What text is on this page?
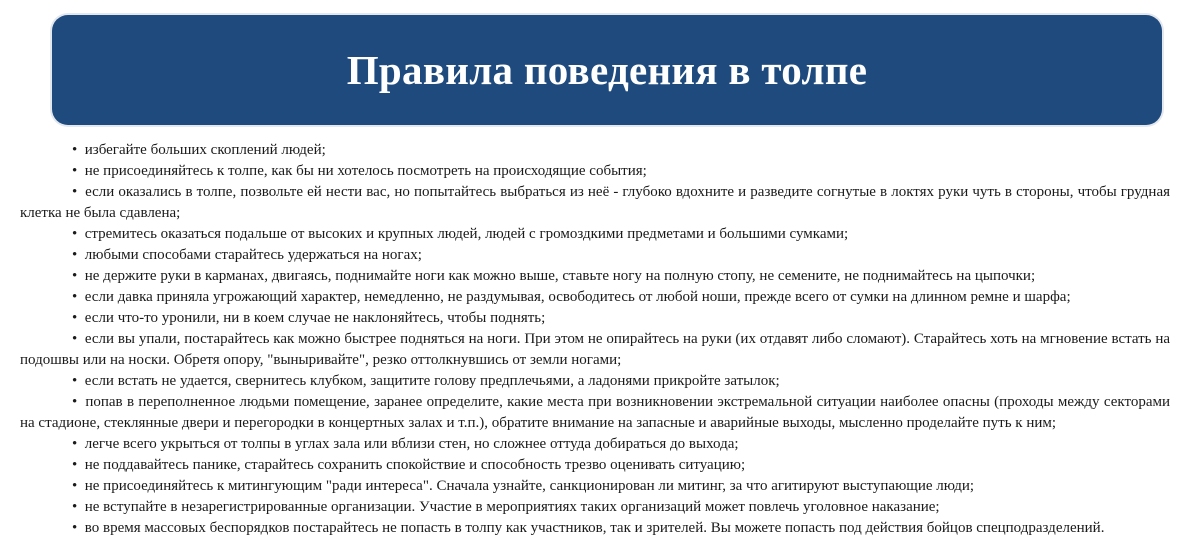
Правила поведения в толпе
• избегайте больших скоплений людей;
• не присоединяйтесь к толпе, как бы ни хотелось посмотреть на происходящие события;
• если оказались в толпе, позвольте ей нести вас, но попытайтесь выбраться из неё - глубоко вдохните и разведите согнутые в локтях руки чуть в стороны, чтобы грудная клетка не была сдавлена;
• стремитесь оказаться подальше от высоких и крупных людей, людей с громоздкими предметами и большими сумками;
• любыми способами старайтесь удержаться на ногах;
• не держите руки в карманах, двигаясь, поднимайте ноги как можно выше, ставьте ногу на полную стопу, не семените, не поднимайтесь на цыпочки;
• если давка приняла угрожающий характер, немедленно, не раздумывая, освободитесь от любой ноши, прежде всего от сумки на длинном ремне и шарфа;
• если что-то уронили, ни в коем случае не наклоняйтесь, чтобы поднять;
• если вы упали, постарайтесь как можно быстрее подняться на ноги. При этом не опирайтесь на руки (их отдавят либо сломают). Старайтесь хоть на мгновение встать на подошвы или на носки. Обретя опору, "выныривайте", резко оттолкнувшись от земли ногами;
• если встать не удается, свернитесь клубком, защитите голову предплечьями, а ладонями прикройте затылок;
• попав в переполненное людьми помещение, заранее определите, какие места при возникновении экстремальной ситуации наиболее опасны (проходы между секторами на стадионе, стеклянные двери и перегородки в концертных залах и т.п.), обратите внимание на запасные и аварийные выходы, мысленно проделайте путь к ним;
• легче всего укрыться от толпы в углах зала или вблизи стен, но сложнее оттуда добираться до выхода;
• не поддавайтесь панике, старайтесь сохранить спокойствие и способность трезво оценивать ситуацию;
• не присоединяйтесь к митингующим "ради интереса". Сначала узнайте, санкционирован ли митинг, за что агитируют выступающие люди;
• не вступайте в незарегистрированные организации. Участие в мероприятиях таких организаций может повлечь уголовное наказание;
• во время массовых беспорядков постарайтесь не попасть в толпу как участников, так и зрителей. Вы можете попасть под действия бойцов спецподразделений.
